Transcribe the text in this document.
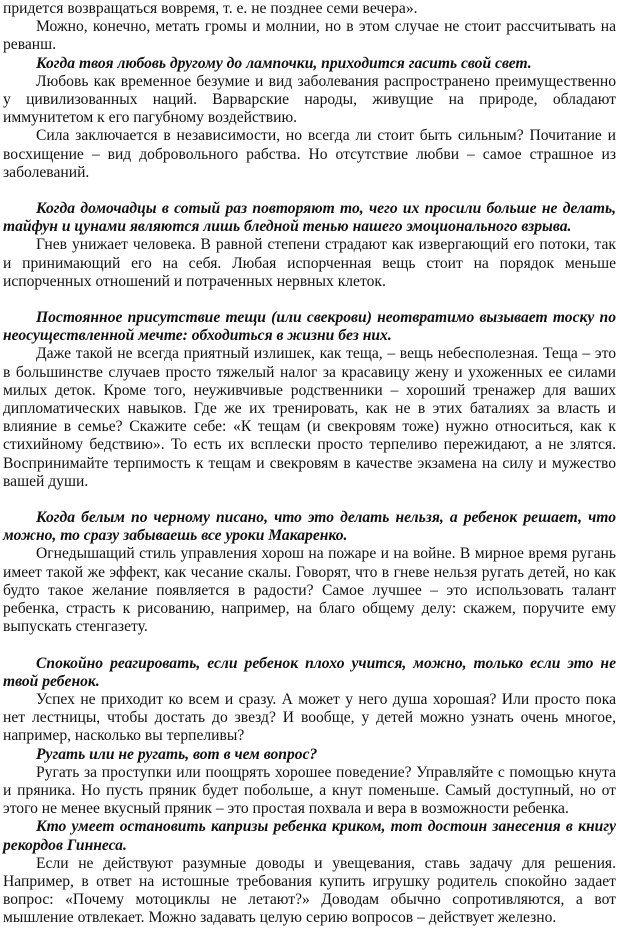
придется возвращаться вовремя, т. е. не позднее семи вечера».

Можно, конечно, метать громы и молнии, но в этом случае не стоит рассчитывать на реванш.

Когда твоя любовь другому до лампочки, приходится гасить свой свет.

Любовь как временное безумие и вид заболевания распространено преимущественно у цивилизованных наций. Варварские народы, живущие на природе, обладают иммунитетом к его пагубному воздействию.

Сила заключается в независимости, но всегда ли стоит быть сильным? Почитание и восхищение – вид добровольного рабства. Но отсутствие любви – самое страшное из заболеваний.

Когда домочадцы в сотый раз повторяют то, чего их просили больше не делать, тайфун и цунами являются лишь бледной тенью нашего эмоционального взрыва.

Гнев унижает человека. В равной степени страдают как извергающий его потоки, так и принимающий его на себя. Любая испорченная вещь стоит на порядок меньше испорченных отношений и потраченных нервных клеток.

Постоянное присутствие тещи (или свекрови) неотвратимо вызывает тоску по неосуществленной мечте: обходиться в жизни без них.

Даже такой не всегда приятный излишек, как теща, – вещь небесполезная. Теща – это в большинстве случаев просто тяжелый налог за красавицу жену и ухоженных ее силами милых деток. Кроме того, неуживчивые родственники – хороший тренажер для ваших дипломатических навыков. Где же их тренировать, как не в этих баталиях за власть и влияние в семье? Скажите себе: «К тещам (и свекровям тоже) нужно относиться, как к стихийному бедствию». То есть их всплески просто терпеливо пережидают, а не злятся. Воспринимайте терпимость к тещам и свекровям в качестве экзамена на силу и мужество вашей души.

Когда белым по черному писано, что это делать нельзя, а ребенок решает, что можно, то сразу забываешь все уроки Макаренко.

Огнедышащий стиль управления хорош на пожаре и на войне. В мирное время ругань имеет такой же эффект, как чесание скалы. Говорят, что в гневе нельзя ругать детей, но как будто такое желание появляется в радости? Самое лучшее – это использовать талант ребенка, страсть к рисованию, например, на благо общему делу: скажем, поручите ему выпускать стенгазету.

Спокойно реагировать, если ребенок плохо учится, можно, только если это не твой ребенок.

Успех не приходит ко всем и сразу. А может у него душа хорошая? Или просто пока нет лестницы, чтобы достать до звезд? И вообще, у детей можно узнать очень многое, например, насколько вы терпеливы?

Ругать или не ругать, вот в чем вопрос?

Ругать за проступки или поощрять хорошее поведение? Управляйте с помощью кнута и пряника. Но пусть пряник будет побольше, а кнут поменьше. Самый доступный, но от этого не менее вкусный пряник – это простая похвала и вера в возможности ребенка.

Кто умеет остановить капризы ребенка криком, тот достоин занесения в книгу рекордов Гиннеса.

Если не действуют разумные доводы и увещевания, ставь задачу для решения. Например, в ответ на истошные требования купить игрушку родитель спокойно задает вопрос: «Почему мотоциклы не летают?» Доводам обычно сопротивляются, а вот мышление отвлекает. Можно задавать целую серию вопросов – действует железно.
